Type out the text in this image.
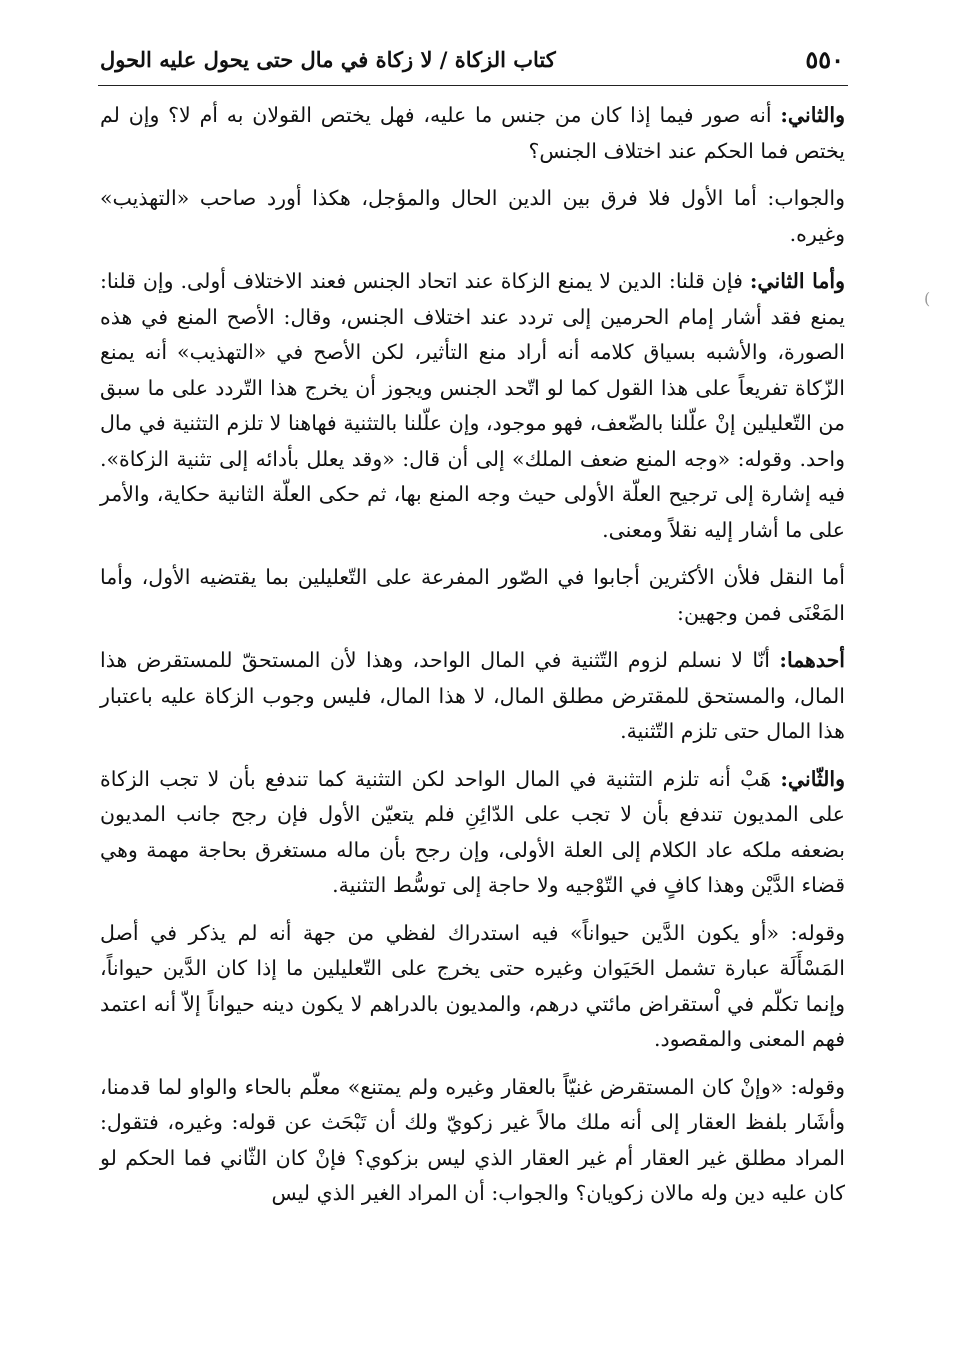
٥٥٠
كتاب الزكاة / لا زكاة في مال حتى يحول عليه الحول
(

والثاني: أنه صور فيما إذا كان من جنس ما عليه، فهل يختص القولان به أم لا؟ وإن لم يختص فما الحكم عند اختلاف الجنس؟

والجواب: أما الأول فلا فرق بين الدين الحال والمؤجل، هكذا أورد صاحب «التهذيب» وغيره.

وأما الثاني: فإن قلنا: الدين لا يمنع الزكاة عند اتحاد الجنس فعند الاختلاف أولى. وإن قلنا: يمنع فقد أشار إمام الحرمين إلى تردد عند اختلاف الجنس، وقال: الأصح المنع في هذه الصورة، والأشبه بسياق كلامه أنه أراد منع التأثير، لكن الأصح في «التهذيب» أنه يمنع الزّكاة تفريعاً على هذا القول كما لو اتّحد الجنس ويجوز أن يخرج هذا التّردد على ما سبق من التّعليلين إنْ علّلنا بالضّعف، فهو موجود، وإن علّلنا بالتثنية فهاهنا لا تلزم التثنية في مال واحد. وقوله: «وجه المنع ضعف الملك» إلى أن قال: «وقد يعلل بأدائه إلى تثنية الزكاة». فيه إشارة إلى ترجيح العلّة الأولى حيث وجه المنع بها، ثم حكى العلّة الثانية حكاية، والأمر على ما أشار إليه نقلاً ومعنى.

أما النقل فلأن الأكثرين أجابوا في الصّور المفرعة على التّعليلين بما يقتضيه الأول، وأما المَعْنَى فمن وجهين:

أحدهما: أنّا لا نسلم لزوم التّثنية في المال الواحد، وهذا لأن المستحقّ للمستقرض هذا المال، والمستحق للمقترض مطلق المال، لا هذا المال، فليس وجوب الزكاة عليه باعتبار هذا المال حتى تلزم التّثنية.

والثّاني: هَبْ أنه تلزم التثنية في المال الواحد لكن التثنية كما تندفع بأن لا تجب الزكاة على المديون تندفع بأن لا تجب على الدّائِنِ فلم يتعيّن الأول فإن رجح جانب المديون بضعفه ملكه عاد الكلام إلى العلة الأولى، وإن رجح بأن ماله مستغرق بحاجة مهمة وهي قضاء الدَّيْن وهذا كافٍ في التّوْجيه ولا حاجة إلى توسُّط التثنية.

وقوله: «أو يكون الدَّين حيواناً» فيه استدراك لفظي من جهة أنه لم يذكر في أصل المَسْأَلَة عبارة تشمل الحَيَوان وغيره حتى يخرج على التّعليلين ما إذا كان الدَّين حيواناً، وإنما تكلّم في اْستقراض مائتي درهم، والمديون بالدراهم لا يكون دينه حيواناً إلاّ أنه اعتمد فهم المعنى والمقصود.

وقوله: «وإنْ كان المستقرض غنيّاً بالعقار وغيره ولم يمتنع» معلّم بالحاء والواو لما قدمنا، وأشَار بلفظ العقار إلى أنه ملك مالاً غير زكويّ ولك أن تَبْحَث عن قوله: وغيره، فتقول: المراد مطلق غير العقار أم غير العقار الذي ليس بزكوي؟ فإنْ كان الثّاني فما الحكم لو كان عليه دين وله مالان زكويان؟ والجواب: أن المراد الغير الذي ليس
